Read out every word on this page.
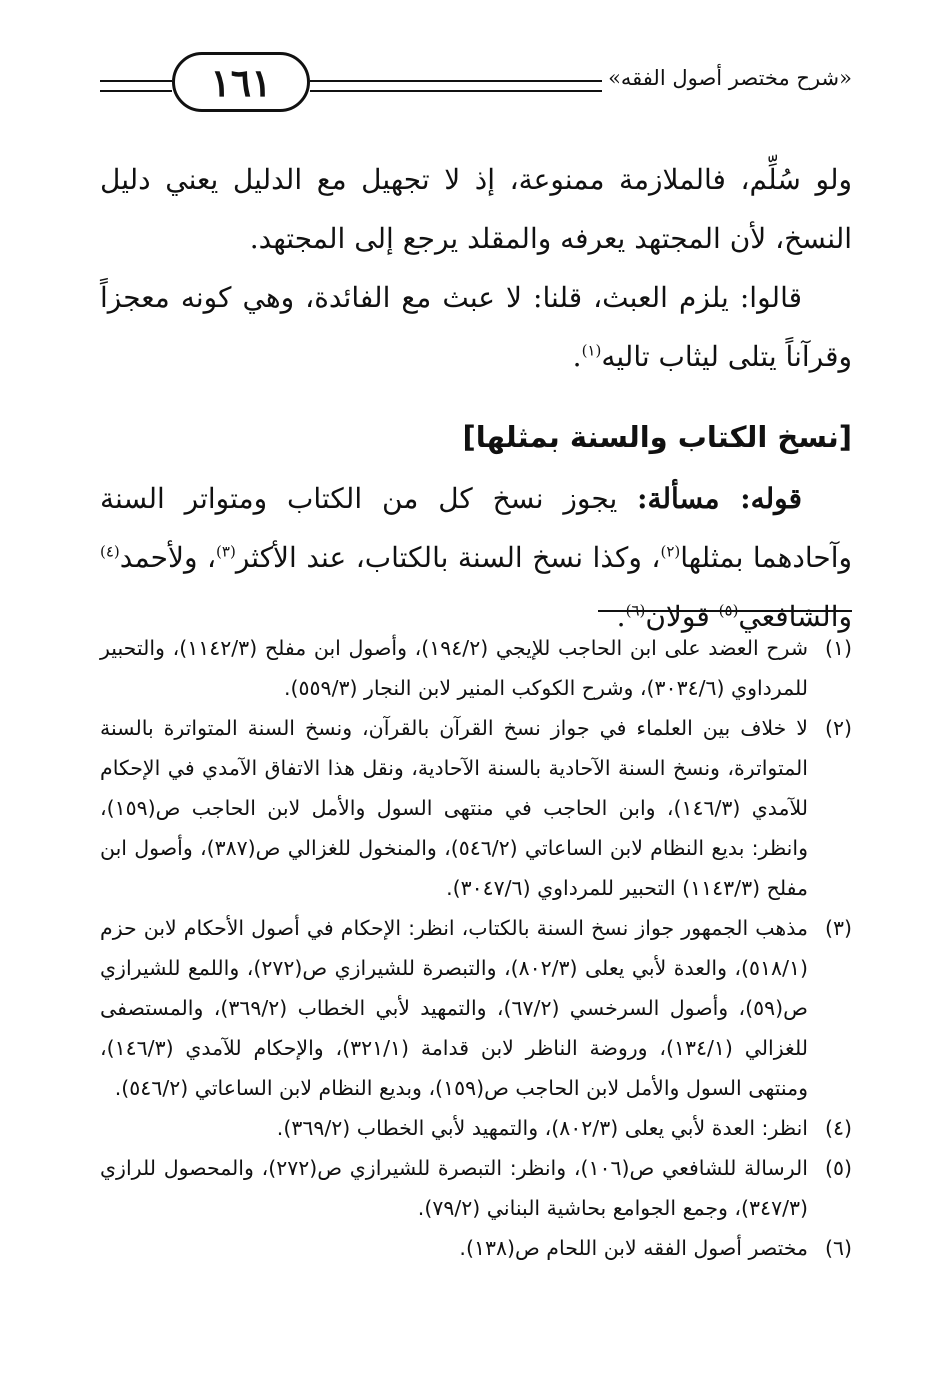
١٦١	«شرح مختصر أصول الفقه»

ولو سُلِّم، فالملازمة ممنوعة، إذ لا تجهيل مع الدليل يعني دليل النسخ، لأن المجتهد يعرفه والمقلد يرجع إلى المجتهد.

قالوا: يلزم العبث، قلنا: لا عبث مع الفائدة، وهي كونه معجزاً وقرآناً يتلى ليثاب تاليه$^{(١)}$.

[نسخ الكتاب والسنة بمثلها]

قوله: مسألة: يجوز نسخ كل من الكتاب ومتواتر السنة وآحادهما بمثلها$^{(٢)}$، وكذا نسخ السنة بالكتاب، عند الأكثر$^{(٣)}$، ولأحمد$^{(٤)}$ والشافعي$^{(٥)}$ قولان$^{(٦)}$.

(١)
شرح العضد على ابن الحاجب للإيجي (١٩٤/٢)، وأصول ابن مفلح (١١٤٢/٣)، والتحبير للمرداوي (٣٠٣٤/٦)، وشرح الكوكب المنير لابن النجار (٥٥٩/٣).
(٢)
لا خلاف بين العلماء في جواز نسخ القرآن بالقرآن، ونسخ السنة المتواترة بالسنة المتواترة، ونسخ السنة الآحادية بالسنة الآحادية، ونقل هذا الاتفاق الآمدي في الإحكام للآمدي (١٤٦/٣)، وابن الحاجب في منتهى السول والأمل لابن الحاجب ص(١٥٩)، وانظر: بديع النظام لابن الساعاتي (٥٤٦/٢)، والمنخول للغزالي ص(٣٨٧)، وأصول ابن مفلح (١١٤٣/٣) التحبير للمرداوي (٣٠٤٧/٦).
(٣)
مذهب الجمهور جواز نسخ السنة بالكتاب، انظر: الإحكام في أصول الأحكام لابن حزم (٥١٨/١)، والعدة لأبي يعلى (٨٠٢/٣)، والتبصرة للشيرازي ص(٢٧٢)، واللمع للشيرازي ص(٥٩)، وأصول السرخسي (٦٧/٢)، والتمهيد لأبي الخطاب (٣٦٩/٢)، والمستصفى للغزالي (١٣٤/١)، وروضة الناظر لابن قدامة (٣٢١/١)، والإحكام للآمدي (١٤٦/٣)، ومنتهى السول والأمل لابن الحاجب ص(١٥٩)، وبديع النظام لابن الساعاتي (٥٤٦/٢).
(٤)
انظر: العدة لأبي يعلى (٨٠٢/٣)، والتمهيد لأبي الخطاب (٣٦٩/٢).
(٥)
الرسالة للشافعي ص(١٠٦)، وانظر: التبصرة للشيرازي ص(٢٧٢)، والمحصول للرازي (٣٤٧/٣)، وجمع الجوامع بحاشية البناني (٧٩/٢).
(٦)
مختصر أصول الفقه لابن اللحام ص(١٣٨).
